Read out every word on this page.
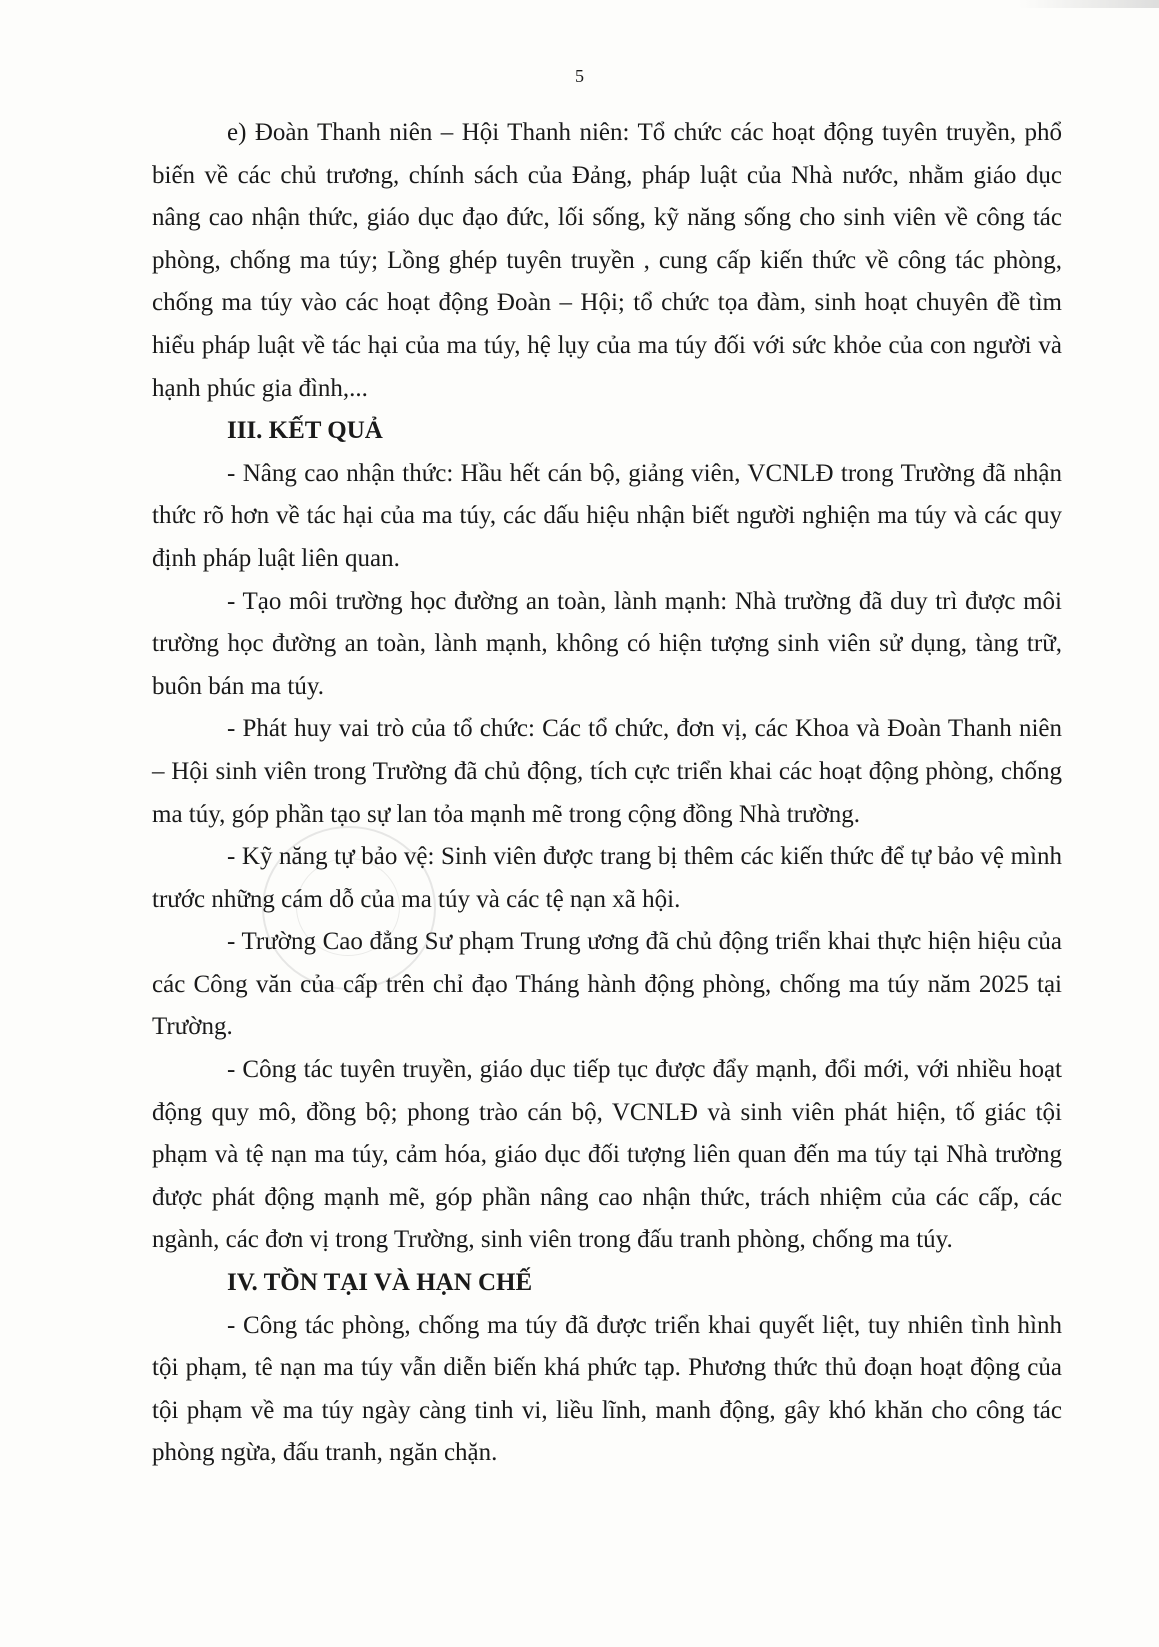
5

e) Đoàn Thanh niên – Hội Thanh niên: Tổ chức các hoạt động tuyên truyền, phổ biến về các chủ trương, chính sách của Đảng, pháp luật của Nhà nước, nhằm giáo dục nâng cao nhận thức, giáo dục đạo đức, lối sống, kỹ năng sống cho sinh viên về công tác phòng, chống ma túy; Lồng ghép tuyên truyền , cung cấp kiến thức về công tác phòng, chống ma túy vào các hoạt động Đoàn – Hội; tổ chức tọa đàm, sinh hoạt chuyên đề tìm hiểu pháp luật về tác hại của ma túy, hệ lụy của ma túy đối với sức khỏe của con người và hạnh phúc gia đình,...

III. KẾT QUẢ

- Nâng cao nhận thức: Hầu hết cán bộ, giảng viên, VCNLĐ trong Trường đã nhận thức rõ hơn về tác hại của ma túy, các dấu hiệu nhận biết người nghiện ma túy và các quy định pháp luật liên quan.

- Tạo môi trường học đường an toàn, lành mạnh: Nhà trường đã duy trì được môi trường học đường an toàn, lành mạnh, không có hiện tượng sinh viên sử dụng, tàng trữ, buôn bán ma túy.

- Phát huy vai trò của tổ chức: Các tổ chức, đơn vị, các Khoa và Đoàn Thanh niên – Hội sinh viên trong Trường đã chủ động, tích cực triển khai các hoạt động phòng, chống ma túy, góp phần tạo sự lan tỏa mạnh mẽ trong cộng đồng Nhà trường.

- Kỹ năng tự bảo vệ: Sinh viên được trang bị thêm các kiến thức để tự bảo vệ mình trước những cám dỗ của ma túy và các tệ nạn xã hội.

- Trường Cao đẳng Sư phạm Trung ương đã chủ động triển khai thực hiện hiệu của các Công văn của cấp trên chỉ đạo Tháng hành động phòng, chống ma túy năm 2025 tại Trường.

- Công tác tuyên truyền, giáo dục tiếp tục được đẩy mạnh, đổi mới, với nhiều hoạt động quy mô, đồng bộ; phong trào cán bộ, VCNLĐ và sinh viên phát hiện, tố giác tội phạm và tệ nạn ma túy, cảm hóa, giáo dục đối tượng liên quan đến ma túy tại Nhà trường được phát động mạnh mẽ, góp phần nâng cao nhận thức, trách nhiệm của các cấp, các ngành, các đơn vị trong Trường, sinh viên trong đấu tranh phòng, chống ma túy.

IV. TỒN TẠI VÀ HẠN CHẾ

- Công tác phòng, chống ma túy đã được triển khai quyết liệt, tuy nhiên tình hình tội phạm, tê nạn ma túy vẫn diễn biến khá phức tạp. Phương thức thủ đoạn hoạt động của tội phạm về ma túy ngày càng tinh vi, liều lĩnh, manh động, gây khó khăn cho công tác phòng ngừa, đấu tranh, ngăn chặn.
